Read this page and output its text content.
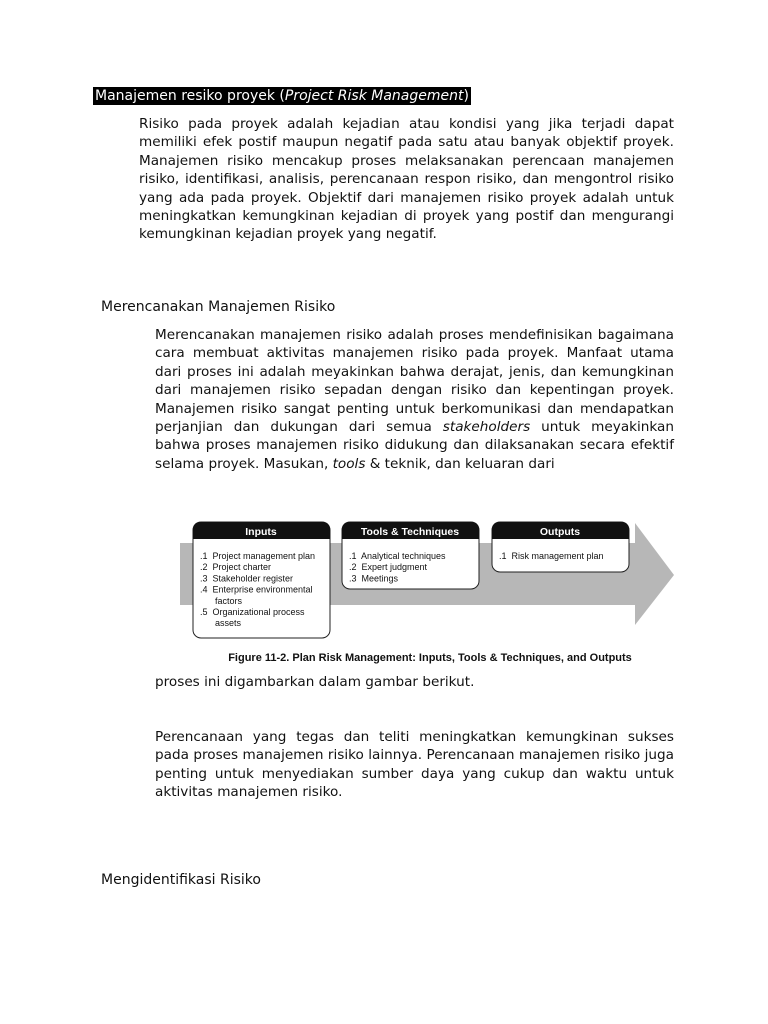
Manajemen resiko proyek (Project Risk Management)

Risiko pada proyek adalah kejadian atau kondisi yang jika terjadi dapat memiliki efek postif maupun negatif pada satu atau banyak objektif proyek. Manajemen risiko mencakup proses melaksanakan perencaan manajemen risiko, identifikasi, analisis, perencanaan respon risiko, dan mengontrol risiko yang ada pada proyek. Objektif dari manajemen risiko proyek adalah untuk meningkatkan kemungkinan kejadian di proyek yang postif dan mengurangi kemungkinan kejadian proyek yang negatif.

Merencanakan Manajemen Risiko

Merencanakan manajemen risiko adalah proses mendefinisikan bagaimana cara membuat aktivitas manajemen risiko pada proyek. Manfaat utama dari proses ini adalah meyakinkan bahwa derajat, jenis, dan kemungkinan dari manajemen risiko sepadan dengan risiko dan kepentingan proyek. Manajemen risiko sangat penting untuk berkomunikasi dan mendapatkan perjanjian dan dukungan dari semua stakeholders untuk meyakinkan bahwa proses manajemen risiko didukung dan dilaksanakan secara efektif selama proyek. Masukan, tools & teknik, dan keluaran dari

Inputs
.1  Project management plan
.2  Project charter
.3  Stakeholder register
.4  Enterprise environmental
factors
.5  Organizational process
assets
Tools & Techniques
.1  Analytical techniques
.2  Expert judgment
.3  Meetings
Outputs
.1  Risk management plan
Figure 11-2. Plan Risk Management: Inputs, Tools & Techniques, and Outputs

proses ini digambarkan dalam gambar berikut.

Perencanaan yang tegas dan teliti meningkatkan kemungkinan sukses pada proses manajemen risiko lainnya. Perencanaan manajemen risiko juga penting untuk menyediakan sumber daya yang cukup dan waktu untuk aktivitas manajemen risiko.

Mengidentifikasi Risiko
